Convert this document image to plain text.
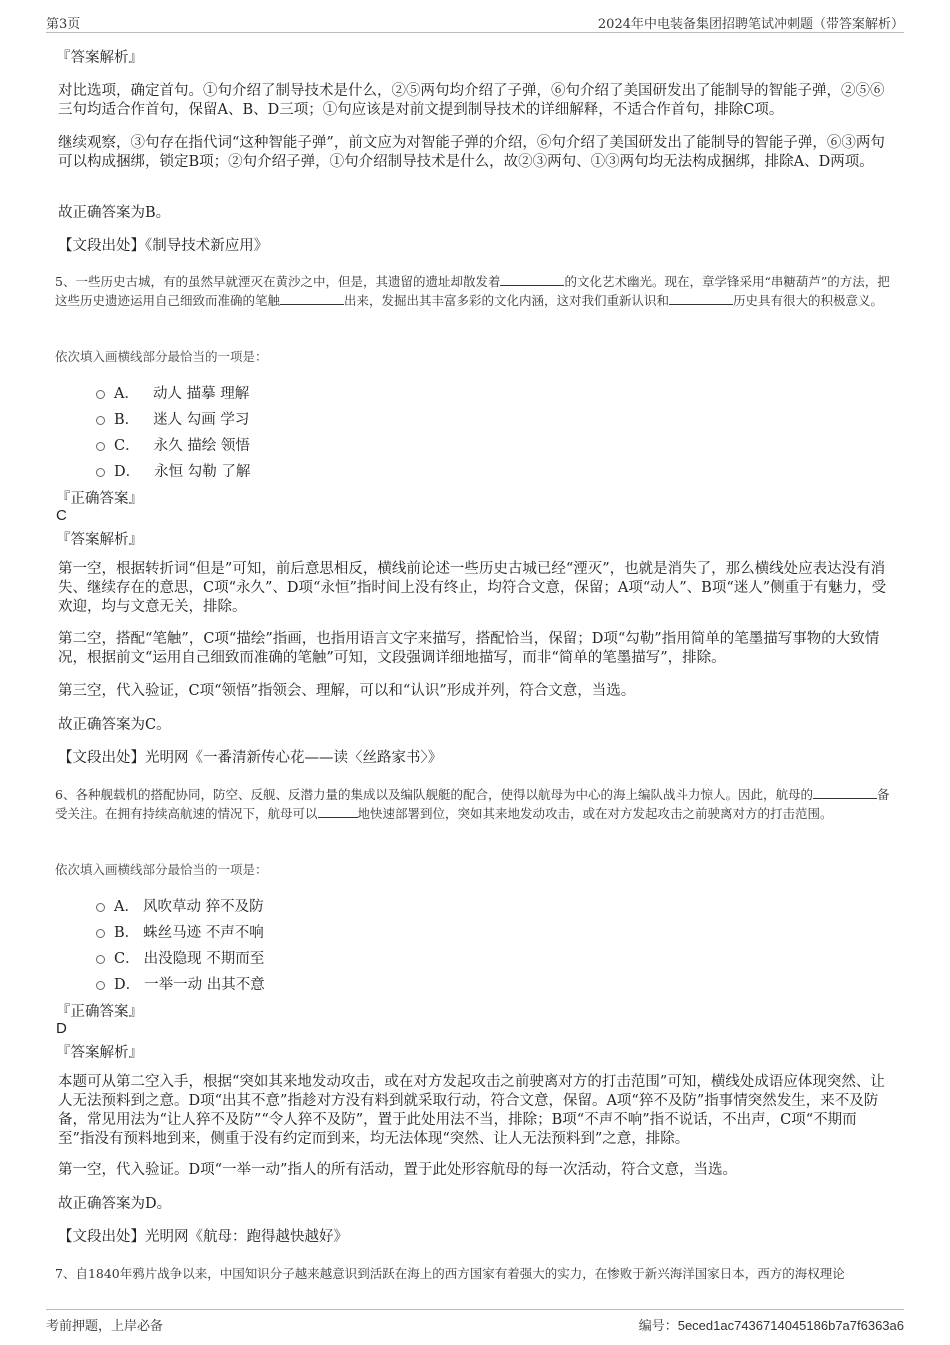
第3页	2024年中电装备集团招聘笔试冲刺题（带答案解析）
『答案解析』
对比选项，确定首句。①句介绍了制导技术是什么，②⑤两句均介绍了子弹，⑥句介绍了美国研发出了能制导的智能子弹，②⑤⑥三句均适合作首句，保留A、B、D三项；①句应该是对前文提到制导技术的详细解释，不适合作首句，排除C项。
继续观察，③句存在指代词“这种智能子弹”，前文应为对智能子弹的介绍，⑥句介绍了美国研发出了能制导的智能子弹，⑥③两句可以构成捆绑，锁定B项；②句介绍子弹，①句介绍制导技术是什么，故②③两句、①③两句均无法构成捆绑，排除A、D两项。
故正确答案为B。
【文段出处】《制导技术新应用》
5、一些历史古城，有的虽然早就湮灭在黄沙之中，但是，其遗留的遗址却散发着	的文化艺术幽光。现在，章学锋采用“串糖葫芦”的方法，把这些历史遗迹运用自己细致而准确的笔触	出来，发掘出其丰富多彩的文化内涵，这对我们重新认识和	历史具有很大的积极意义。
依次填入画横线部分最恰当的一项是：
A． 动人 描摹 理解
B． 迷人 勾画 学习
C． 永久 描绘 领悟
D． 永恒 勾勒 了解
『正确答案』
C
『答案解析』
第一空，根据转折词“但是”可知，前后意思相反，横线前论述一些历史古城已经“湮灭”，也就是消失了，那么横线处应表达没有消失、继续存在的意思，C项“永久”、D项“永恒”指时间上没有终止，均符合文意，保留；A项“动人”、B项“迷人”侧重于有魅力，受欢迎，均与文意无关，排除。
第二空，搭配“笔触”，C项“描绘”指画，也指用语言文字来描写，搭配恰当，保留；D项“勾勒”指用简单的笔墨描写事物的大致情况，根据前文“运用自己细致而准确的笔触”可知，文段强调详细地描写，而非“简单的笔墨描写”，排除。
第三空，代入验证，C项“领悟”指领会、理解，可以和“认识”形成并列，符合文意，当选。
故正确答案为C。
【文段出处】光明网《一番清新传心花——读〈丝路家书〉》
6、各种舰载机的搭配协同，防空、反舰、反潜力量的集成以及编队舰艇的配合，使得以航母为中心的海上编队战斗力惊人。因此，航母的	备受关注。在拥有持续高航速的情况下，航母可以	地快速部署到位，突如其来地发动攻击，或在对方发起攻击之前驶离对方的打击范围。
依次填入画横线部分最恰当的一项是：
A． 风吹草动 猝不及防
B． 蛛丝马迹 不声不响
C． 出没隐现 不期而至
D． 一举一动 出其不意
『正确答案』
D
『答案解析』
本题可从第二空入手，根据“突如其来地发动攻击，或在对方发起攻击之前驶离对方的打击范围”可知，横线处成语应体现突然、让人无法预料到之意。D项“出其不意”指趁对方没有料到就采取行动，符合文意，保留。A项“猝不及防”指事情突然发生，来不及防备，常见用法为“让人猝不及防”“令人猝不及防”，置于此处用法不当，排除；B项“不声不响”指不说话，不出声，C项“不期而至”指没有预料地到来，侧重于没有约定而到来，均无法体现“突然、让人无法预料到”之意，排除。
第一空，代入验证。D项“一举一动”指人的所有活动，置于此处形容航母的每一次活动，符合文意，当选。
故正确答案为D。
【文段出处】光明网《航母：跑得越快越好》
7、自1840年鸦片战争以来，中国知识分子越来越意识到活跃在海上的西方国家有着强大的实力，在惨败于新兴海洋国家日本，西方的海权理论
考前押题，上岸必备	编号：5eced1ac7436714045186b7a7f6363a6
